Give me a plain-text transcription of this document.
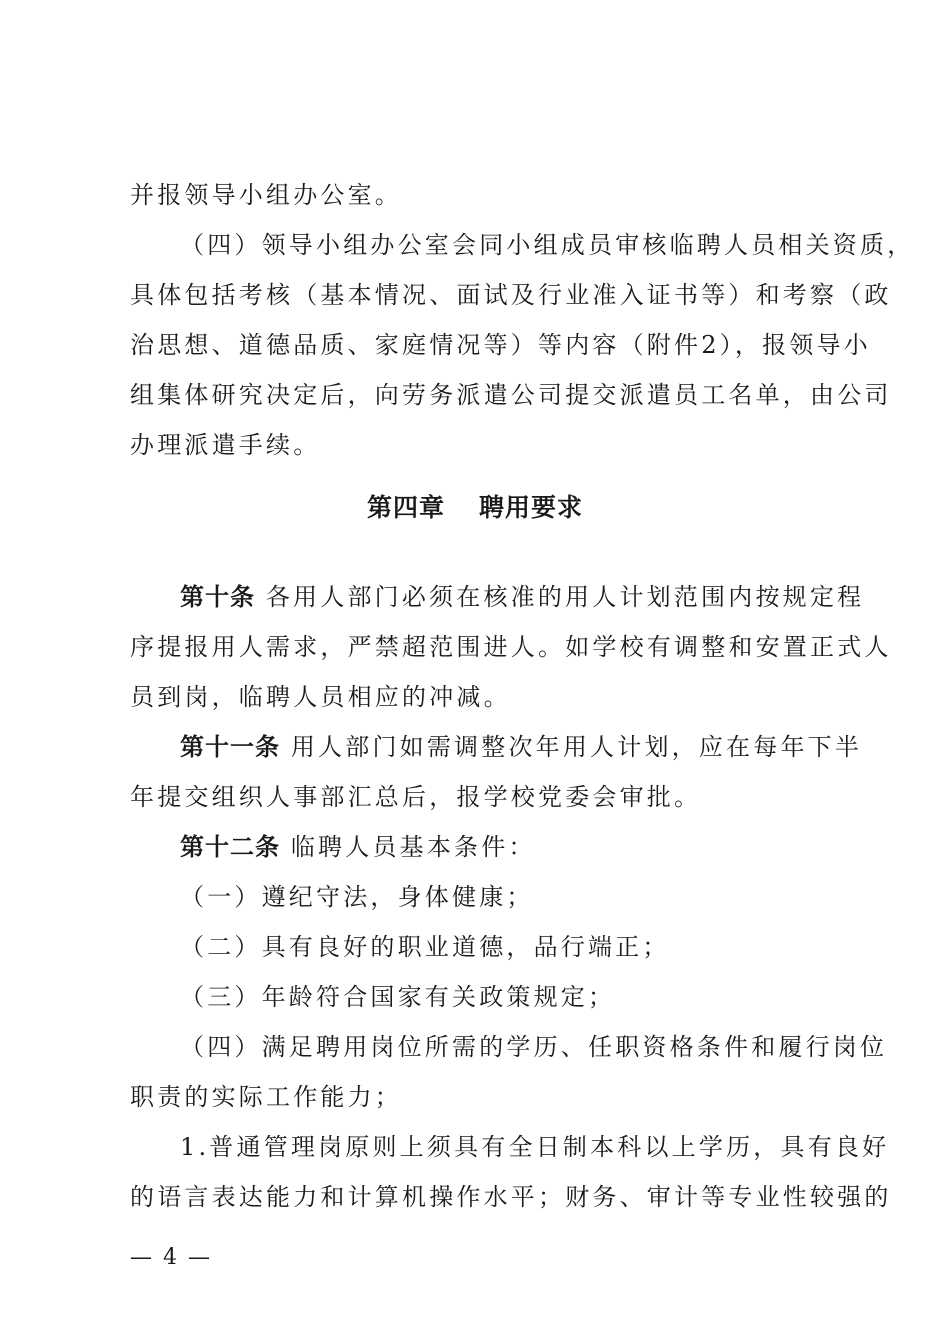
并报领导小组办公室。
（四）领导小组办公室会同小组成员审核临聘人员相关资质，
具体包括考核（基本情况、面试及行业准入证书等）和考察（政
治思想、道德品质、家庭情况等）等内容（附件2），报领导小
组集体研究决定后，向劳务派遣公司提交派遣员工名单，由公司
办理派遣手续。
第四章 聘用要求
第十条 各用人部门必须在核准的用人计划范围内按规定程
序提报用人需求，严禁超范围进人。如学校有调整和安置正式人
员到岗，临聘人员相应的冲减。
第十一条 用人部门如需调整次年用人计划，应在每年下半
年提交组织人事部汇总后，报学校党委会审批。
第十二条 临聘人员基本条件：
（一）遵纪守法，身体健康；
（二）具有良好的职业道德，品行端正；
（三）年龄符合国家有关政策规定；
（四）满足聘用岗位所需的学历、任职资格条件和履行岗位
职责的实际工作能力；
1.普通管理岗原则上须具有全日制本科以上学历，具有良好
的语言表达能力和计算机操作水平；财务、审计等专业性较强的
— 4 —
